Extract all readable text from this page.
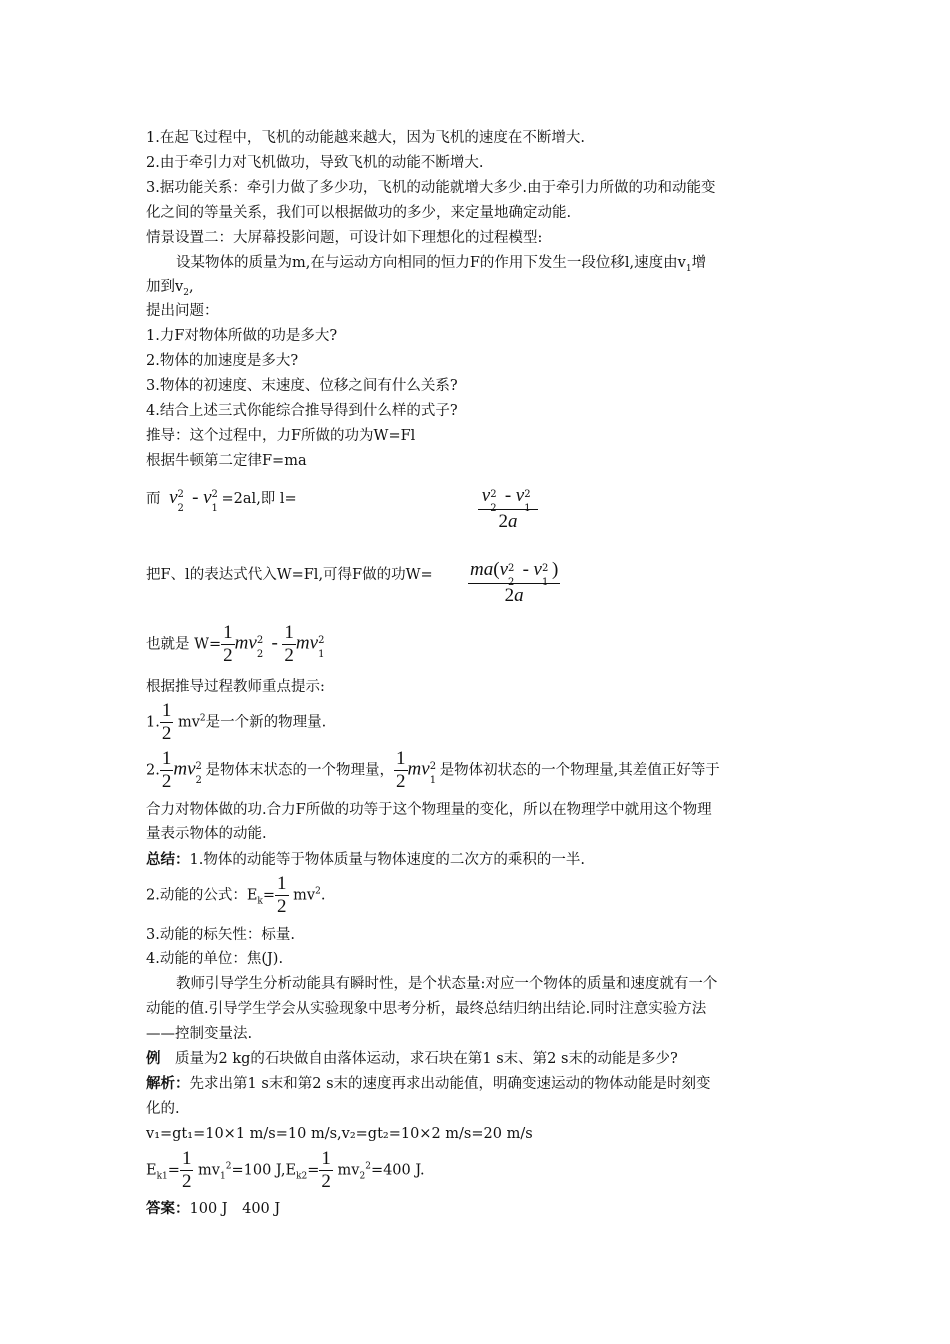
1.在起飞过程中，飞机的动能越来越大，因为飞机的速度在不断增大.
2.由于牵引力对飞机做功，导致飞机的动能不断增大.
3.据功能关系：牵引力做了多少功，飞机的动能就增大多少.由于牵引力所做的功和动能变
化之间的等量关系，我们可以根据做功的多少，来定量地确定动能.
情景设置二：大屏幕投影问题，可设计如下理想化的过程模型:
设某物体的质量为m,在与运动方向相同的恒力F的作用下发生一段位移l,速度由$v_1$增
加到$v_2$,
提出问题：
1.力F对物体所做的功是多大?
2.物体的加速度是多大?
3.物体的初速度、末速度、位移之间有什么关系?
4.结合上述三式你能综合推导得到什么样的式子?
推导：这个过程中，力F所做的功为W=Fl
根据牛顿第二定律F=ma
而 v 2
2
- v 2
1
=2al,即 l=	v 2
2
- v 2
1
2a
把F、l的表达式代入W=Fl,可得F做的功W= ma(v 2
2
- v 2
1
)
2a
也就是 $W= \frac{1}{2}$ mv 2
2
- $\frac{1}{2}$ mv 2
1
根据推导过程教师重点提示:
1. $\frac{1}{2} mv^2$是一个新的物理量.
2. $\frac{1}{2}$ mv 2
2
是物体末状态的一个物理量， $\frac{1}{2}$ mv 2
1
是物体初状态的一个物理量,其差值正好等于
合力对物体做的功.合力F所做的功等于这个物理量的变化，所以在物理学中就用这个物理
量表示物体的动能.
总结：1.物体的动能等于物体质量与物体速度的二次方的乘积的一半.
2.动能的公式：$E_k= \frac{1}{2} mv^2$.
3.动能的标矢性：标量.
4.动能的单位：焦(J).
教师引导学生分析动能具有瞬时性，是个状态量:对应一个物体的质量和速度就有一个
动能的值.引导学生学会从实验现象中思考分析，最终总结归纳出结论.同时注意实验方法
——控制变量法.
例　质量为2 kg的石块做自由落体运动，求石块在第1 s末、第2 s末的动能是多少?
解析：先求出第1 s末和第2 s末的速度再求出动能值，明确变速运动的物体动能是时刻变
化的.
v₁=gt₁=10×1 m/s=10 m/s,v₂=gt₂=10×2 m/s=20 m/s
$E_{k1}= \frac{1}{2} mv_1^2=100$ $J,E_{k2}= \frac{1}{2} mv_2^2=400$ J.
答案：100 J　400 J
